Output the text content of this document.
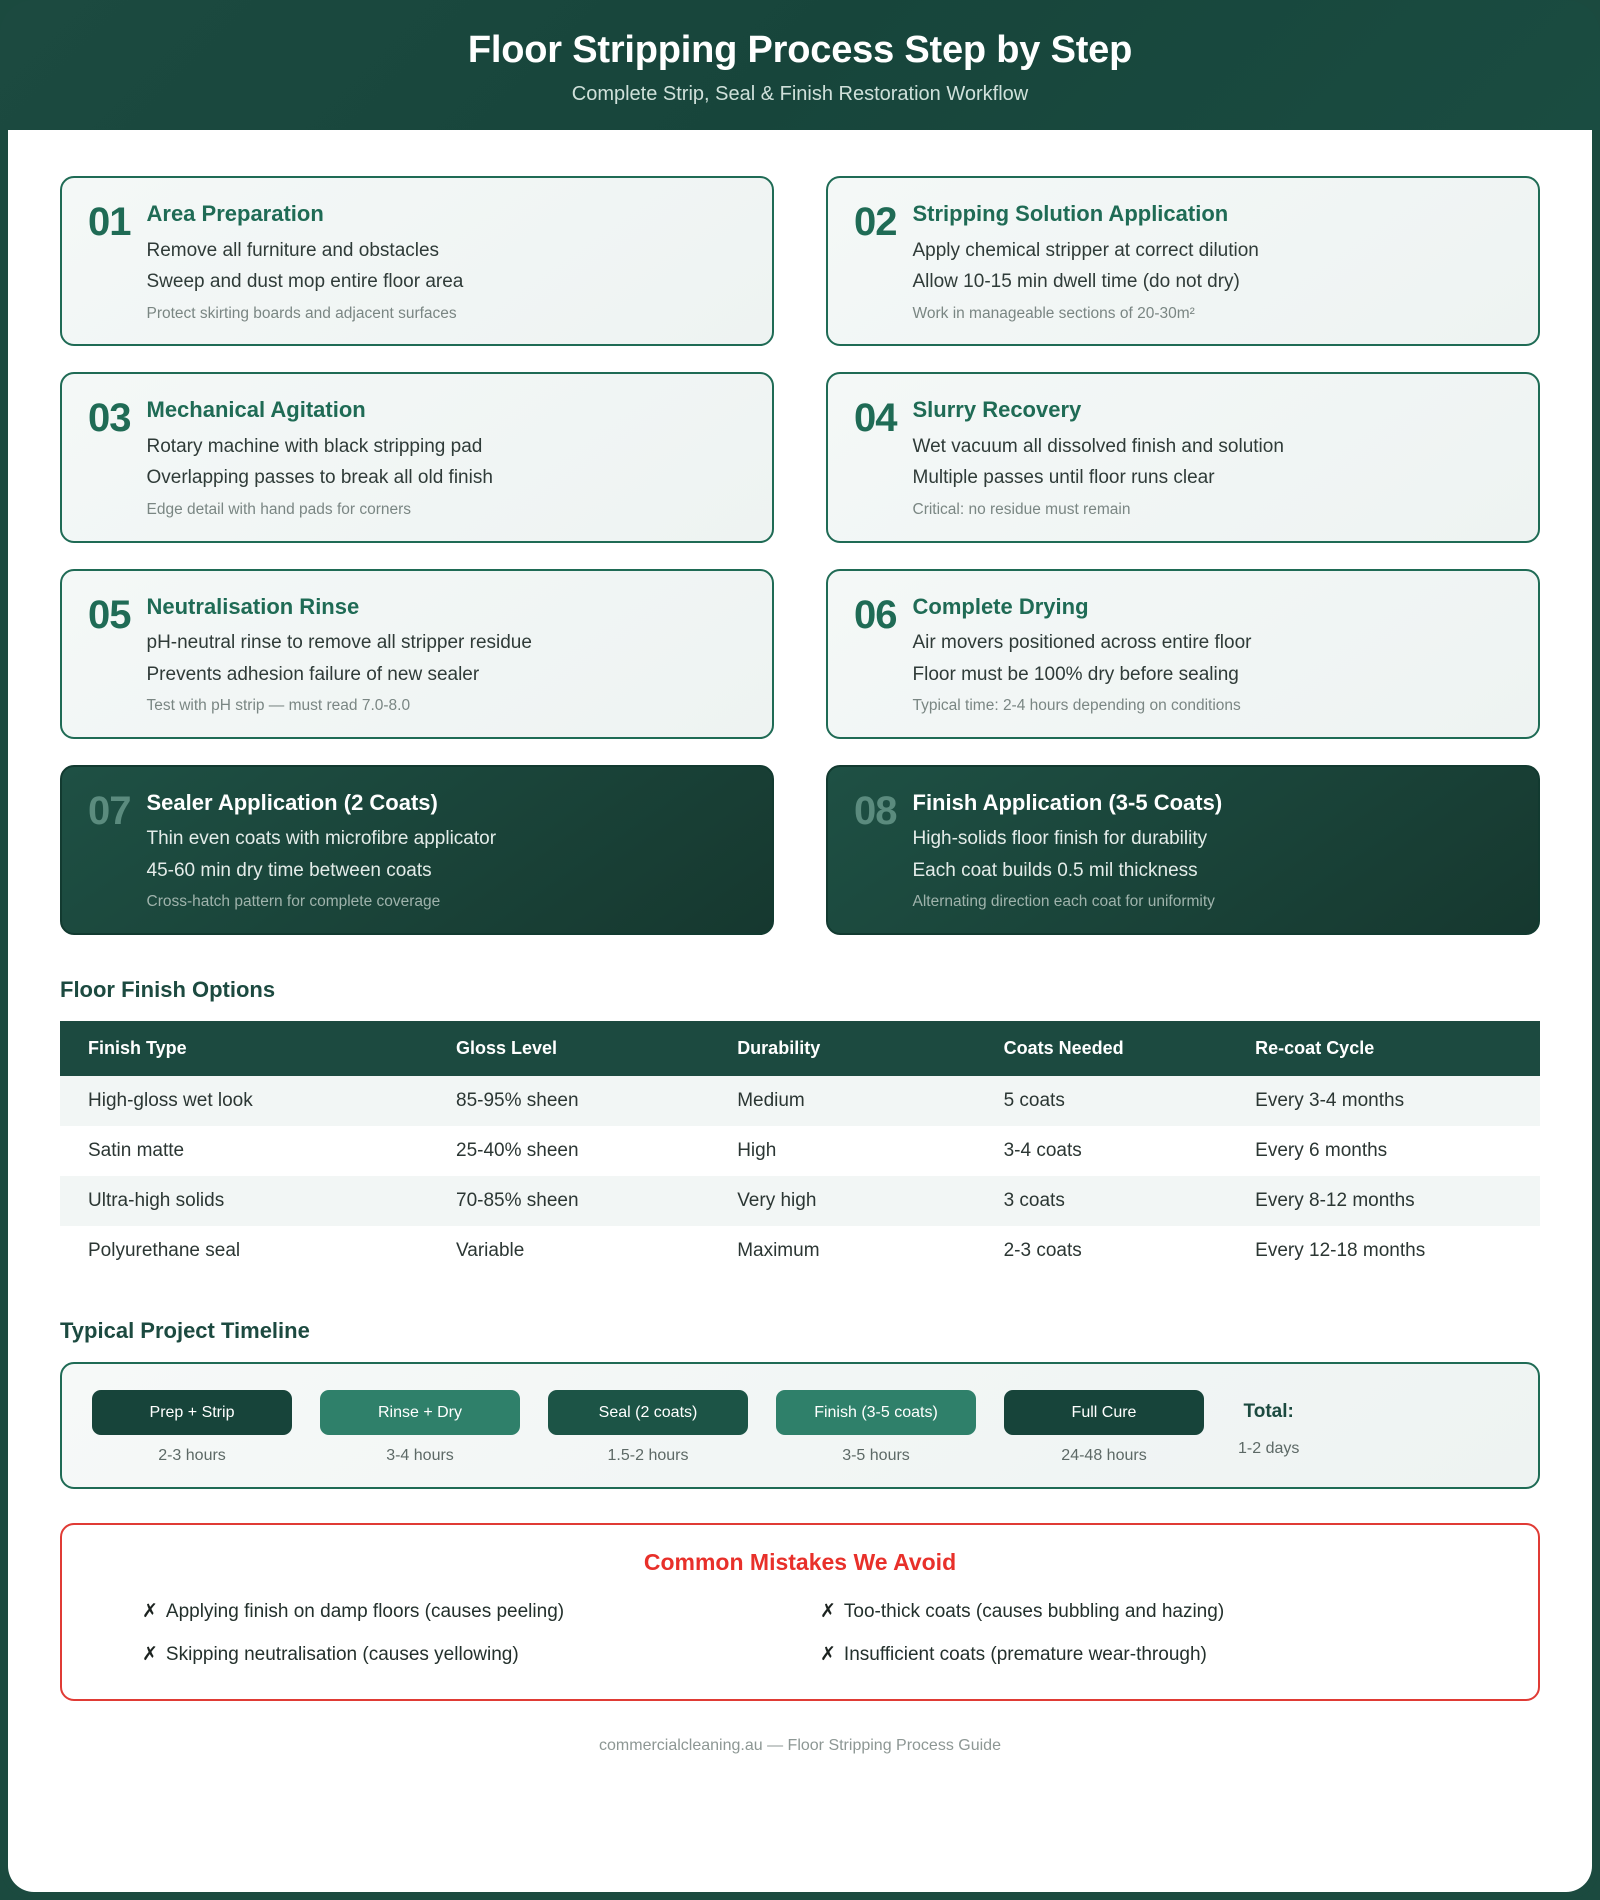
Floor Stripping Process Step by Step
Complete Strip, Seal & Finish Restoration Workflow
01 Area Preparation
Remove all furniture and obstacles
Sweep and dust mop entire floor area
Protect skirting boards and adjacent surfaces
02 Stripping Solution Application
Apply chemical stripper at correct dilution
Allow 10-15 min dwell time (do not dry)
Work in manageable sections of 20-30m²
03 Mechanical Agitation
Rotary machine with black stripping pad
Overlapping passes to break all old finish
Edge detail with hand pads for corners
04 Slurry Recovery
Wet vacuum all dissolved finish and solution
Multiple passes until floor runs clear
Critical: no residue must remain
05 Neutralisation Rinse
pH-neutral rinse to remove all stripper residue
Prevents adhesion failure of new sealer
Test with pH strip — must read 7.0-8.0
06 Complete Drying
Air movers positioned across entire floor
Floor must be 100% dry before sealing
Typical time: 2-4 hours depending on conditions
07 Sealer Application (2 Coats)
Thin even coats with microfibre applicator
45-60 min dry time between coats
Cross-hatch pattern for complete coverage
08 Finish Application (3-5 Coats)
High-solids floor finish for durability
Each coat builds 0.5 mil thickness
Alternating direction each coat for uniformity
Floor Finish Options
Finish Type	Gloss Level	Durability	Coats Needed	Re-coat Cycle
High-gloss wet look	85-95% sheen	Medium	5 coats	Every 3-4 months
Satin matte	25-40% sheen	High	3-4 coats	Every 6 months
Ultra-high solids	70-85% sheen	Very high	3 coats	Every 8-12 months
Polyurethane seal	Variable	Maximum	2-3 coats	Every 12-18 months
Typical Project Timeline
Prep + Strip
2-3 hours
Rinse + Dry
3-4 hours
Seal (2 coats)
1.5-2 hours
Finish (3-5 coats)
3-5 hours
Full Cure
24-48 hours
Total:
1-2 days
Common Mistakes We Avoid
✗ Applying finish on damp floors (causes peeling)	✗ Too-thick coats (causes bubbling and hazing)
✗ Skipping neutralisation (causes yellowing)	✗ Insufficient coats (premature wear-through)
commercialcleaning.au — Floor Stripping Process Guide
